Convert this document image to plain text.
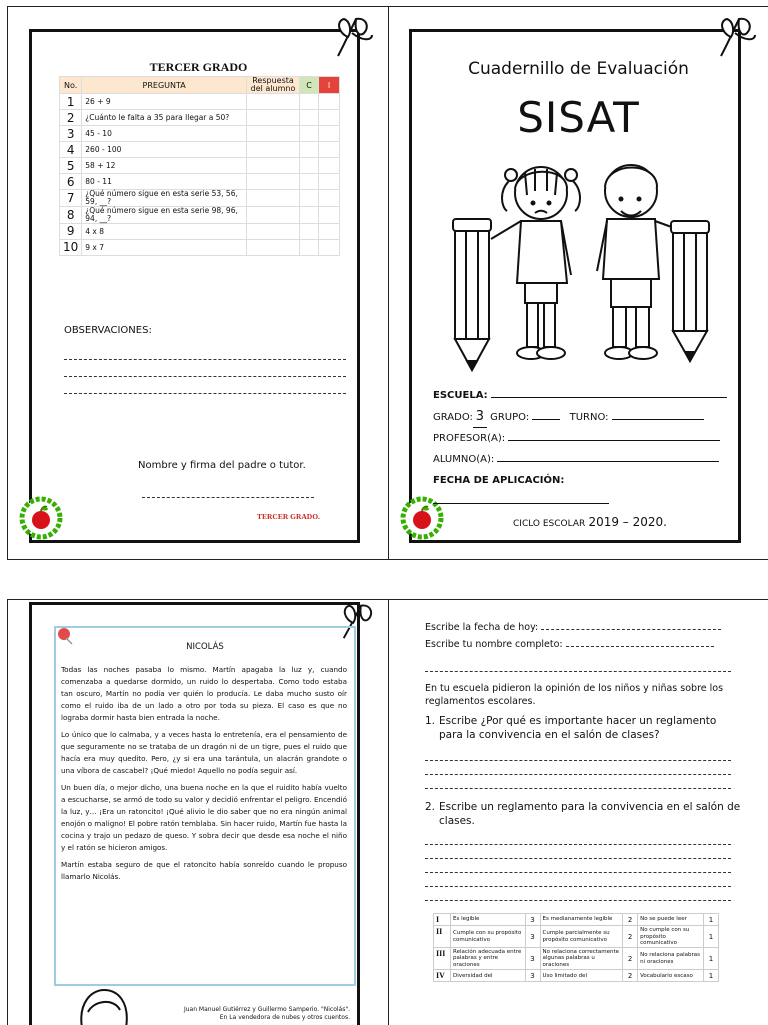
TERCER GRADO
No.	PREGUNTA	Respuesta del alumno	C	I
1	26 + 9			
2	¿Cuánto le falta a 35 para llegar a 50?			
3	45 - 10			
4	260 - 100			
5	58 + 12			
6	80 - 11			
7	¿Qué número sigue en esta serie 53, 56, 59, __?			
8	¿Qué número sigue en esta serie 98, 96, 94, __?			
9	4 x 8			
10	9 x 7			
OBSERVACIONES:
Nombre y firma del padre o tutor.
TERCER GRADO.
Cuadernillo de Evaluación
SISAT
ESCUELA:
GRADO: 3 GRUPO:	TURNO:
PROFESOR(A):
ALUMNO(A):
FECHA DE APLICACIÓN:
CICLO ESCOLAR 2019 – 2020.
NICOLÁS

Todas las noches pasaba lo mismo. Martín apagaba la luz y, cuando comenzaba a quedarse dormido, un ruido lo despertaba. Como todo estaba tan oscuro, Martín no podía ver quién lo producía. Le daba mucho susto oír como el ruido iba de un lado a otro por toda su pieza. El caso es que no lograba dormir hasta bien entrada la noche.

Lo único que lo calmaba, y a veces hasta lo entretenía, era el pensamiento de que seguramente no se trataba de un dragón ni de un tigre, pues el ruido que hacía era muy quedito. Pero, ¿y si era una tarántula, un alacrán grandote o una víbora de cascabel? ¡Qué miedo! Aquello no podía seguir así.

Un buen día, o mejor dicho, una buena noche en la que el ruidito había vuelto a escucharse, se armó de todo su valor y decidió enfrentar el peligro. Encendió la luz, y… ¡Era un ratoncito! ¡Qué alivio le dio saber que no era ningún animal enojón o maligno! El pobre ratón temblaba. Sin hacer ruido, Martín fue hasta la cocina y trajo un pedazo de queso. Y sobra decir que desde esa noche el niño y el ratón se hicieron amigos.

Martín estaba seguro de que el ratoncito había sonreído cuando le propuso llamarlo Nicolás.

Juan Manuel Gutiérrez y Guillermo Samperio. "Nicolás".
En La vendedora de nubes y otros cuentos.
Escribe la fecha de hoy:
Escribe tu nombre completo:
En tu escuela pidieron la opinión de los niños y niñas sobre los reglamentos escolares.
1. Escribe ¿Por qué es importante hacer un reglamento para la convivencia en el salón de clases?
2. Escribe un reglamento para la convivencia en el salón de clases.
I	Es legible	3	Es medianamente legible	2	No se puede leer	1
II	Cumple con su propósito comunicativo	3	Cumple parcialmente su propósito comunicativo	2	No cumple con su propósito comunicativo	1
III	Relación adecuada entre palabras y entre oraciones	3	No relaciona correctamente algunas palabras u oraciones	2	No relaciona palabras ni oraciones	1
IV	Diversidad del	3	Uso limitado del	2	Vocabulario escaso	1
